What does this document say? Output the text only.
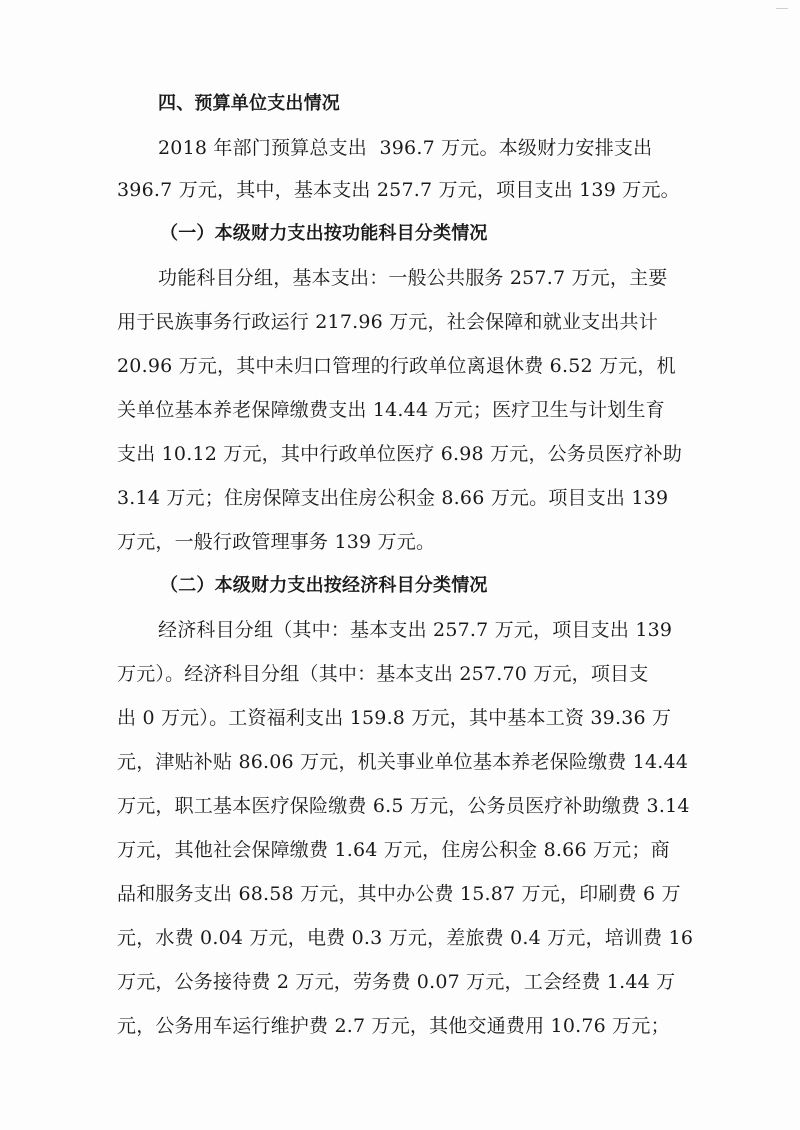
四、预算单位支出情况
2018 年部门预算总支出  396.7 万元。本级财力安排支出
396.7 万元，其中，基本支出 257.7 万元，项目支出 139 万元。
（一）本级财力支出按功能科目分类情况
功能科目分组，基本支出：一般公共服务 257.7 万元，主要
用于民族事务行政运行 217.96 万元，社会保障和就业支出共计
20.96 万元，其中未归口管理的行政单位离退休费 6.52 万元，机
关单位基本养老保障缴费支出 14.44 万元；医疗卫生与计划生育
支出 10.12 万元，其中行政单位医疗 6.98 万元，公务员医疗补助
3.14 万元；住房保障支出住房公积金 8.66 万元。项目支出 139
万元，一般行政管理事务 139 万元。
（二）本级财力支出按经济科目分类情况
经济科目分组（其中：基本支出 257.7 万元，项目支出 139
万元）。经济科目分组（其中：基本支出 257.70 万元，项目支
出 0 万元）。工资福利支出 159.8 万元，其中基本工资 39.36 万
元，津贴补贴 86.06 万元，机关事业单位基本养老保险缴费 14.44
万元，职工基本医疗保险缴费 6.5 万元，公务员医疗补助缴费 3.14
万元，其他社会保障缴费 1.64 万元，住房公积金 8.66 万元；商
品和服务支出 68.58 万元，其中办公费 15.87 万元，印刷费 6 万
元，水费 0.04 万元，电费 0.3 万元，差旅费 0.4 万元，培训费 16
万元，公务接待费 2 万元，劳务费 0.07 万元，工会经费 1.44 万
元，公务用车运行维护费 2.7 万元，其他交通费用 10.76 万元；
